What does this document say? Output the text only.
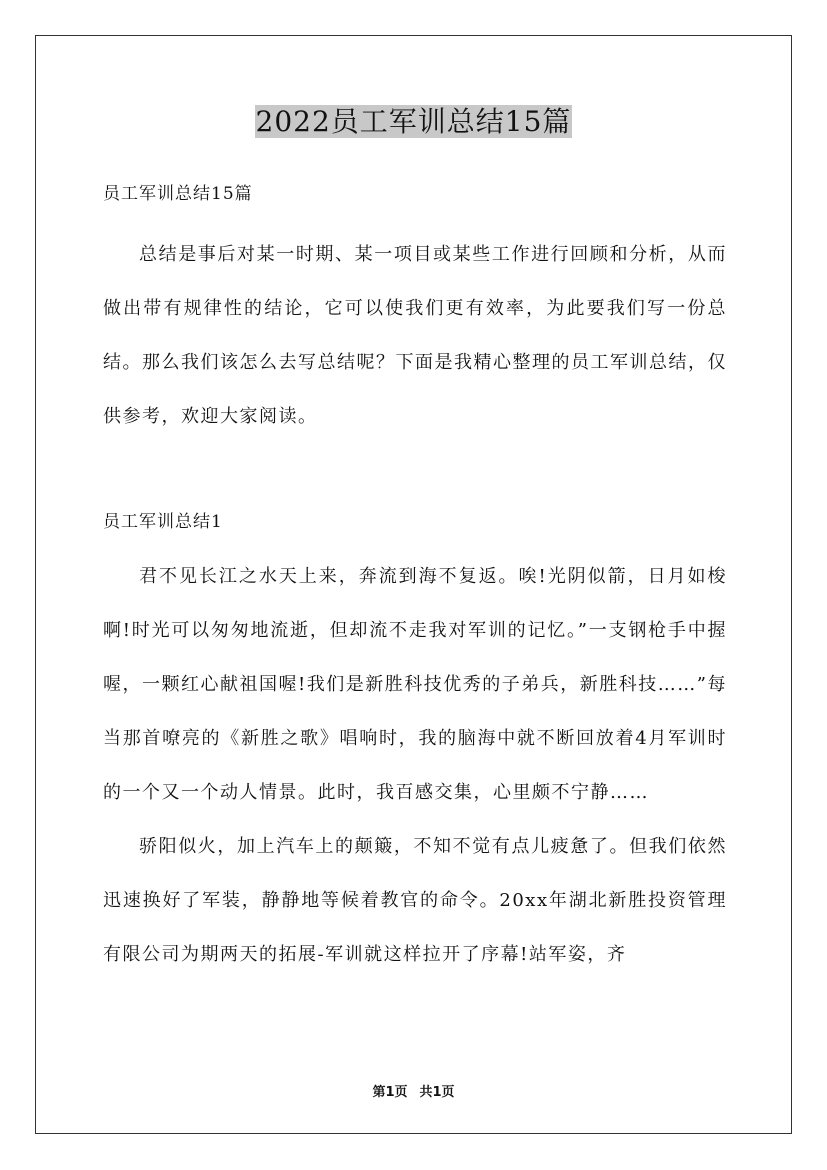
2022员工军训总结15篇

员工军训总结15篇

总结是事后对某一时期、某一项目或某些工作进行回顾和分析，从而做出带有规律性的结论，它可以使我们更有效率，为此要我们写一份总结。那么我们该怎么去写总结呢？下面是我精心整理的员工军训总结，仅供参考，欢迎大家阅读。

员工军训总结1

君不见长江之水天上来，奔流到海不复返。唉!光阴似箭，日月如梭啊!时光可以匆匆地流逝，但却流不走我对军训的记忆。”一支钢枪手中握喔，一颗红心献祖国喔!我们是新胜科技优秀的子弟兵，新胜科技……”每当那首嘹亮的《新胜之歌》唱响时，我的脑海中就不断回放着4月军训时的一个又一个动人情景。此时，我百感交集，心里颇不宁静……

骄阳似火，加上汽车上的颠簸，不知不觉有点儿疲惫了。但我们依然迅速换好了军装，静静地等候着教官的命令。20xx年湖北新胜投资管理有限公司为期两天的拓展-军训就这样拉开了序幕!站军姿，齐

第1页 共1页
